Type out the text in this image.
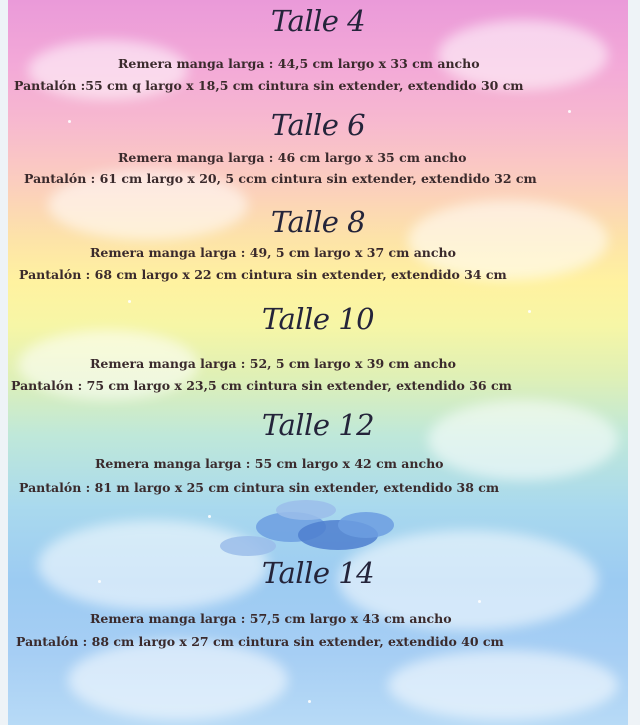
Talle 4
Remera manga larga : 44,5 cm largo x 33 cm ancho
Pantalón :55 cm q largo x 18,5 cm cintura sin extender, extendido 30 cm
Talle 6
Remera manga larga : 46 cm largo x 35 cm ancho
Pantalón : 61 cm largo x 20, 5 ccm cintura sin extender, extendido 32 cm
Talle 8
Remera manga larga : 49, 5 cm largo x 37 cm ancho
Pantalón : 68 cm largo x 22 cm cintura sin extender, extendido 34 cm
Talle 10
Remera manga larga : 52, 5 cm largo x 39 cm ancho
Pantalón : 75 cm largo x 23,5 cm cintura sin extender, extendido 36 cm
Talle 12
Remera manga larga : 55 cm largo x 42 cm ancho
Pantalón : 81 m largo x 25 cm cintura sin extender, extendido 38 cm
Talle 14
Remera manga larga : 57,5 cm largo x 43 cm ancho
Pantalón : 88 cm largo x 27 cm cintura sin extender, extendido 40 cm
